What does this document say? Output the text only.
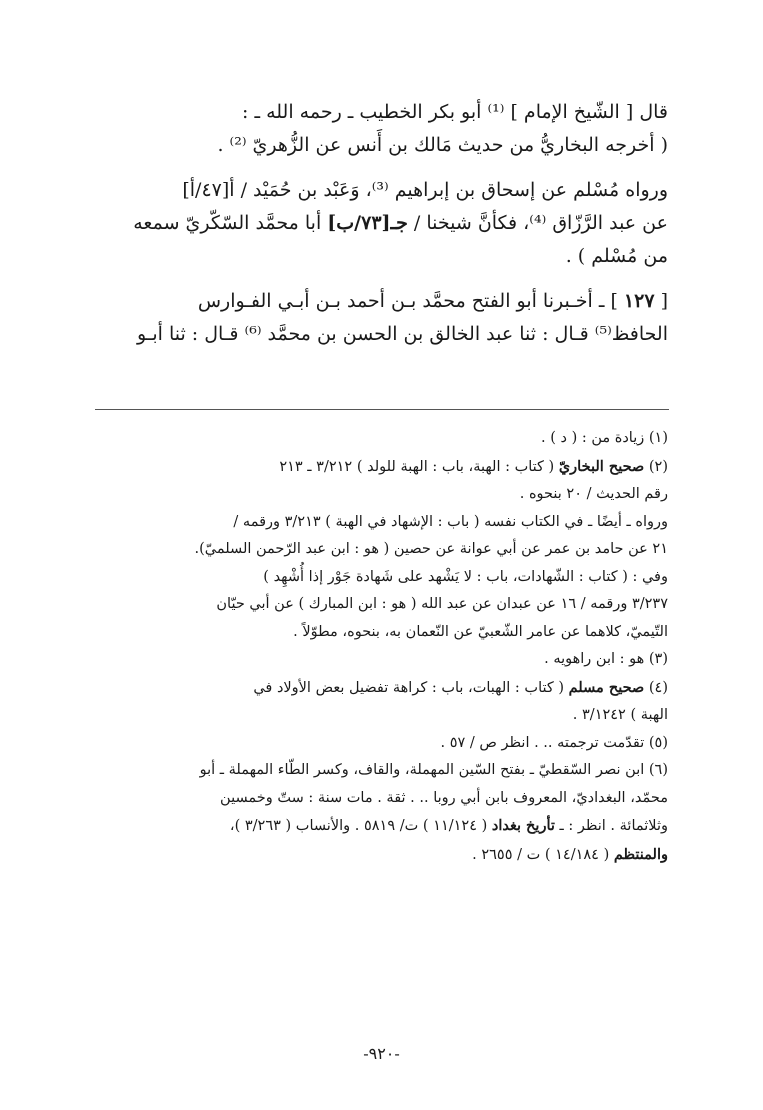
قال [ الشّيخ الإمام ] ⁽¹⁾ أبو بكر الخطيب ـ رحمه الله ـ :

( أخرجه البخاريُّ من حديث مَالك بن أَنس عن الزُّهريّ ⁽²⁾ .

ورواه مُسْلم عن إسحاق بن إبراهيم ⁽³⁾، وَعَبْد بن حُمَيْد / أ[٤٧/أ]

عن عبد الرَّزّاق ⁽⁴⁾، فكأنَّ شيخنا / جـ[٧٣/ب] أبا محمَّد السّكّريّ سمعه

من مُسْلم ) .

[ ١٢٧ ] ـ أخـبرنا أبو الفتح محمَّد بـن أحمد بـن أبـي الفـوارس

الحافظ⁽⁵⁾ قـال : ثنا عبد الخالق بن الحسن بن محمَّد ⁽⁶⁾ قـال : ثنا أبـو

(١) زيادة من : ( د ) .

(٢) صحيح البخاريّ ( كتاب : الهبة، باب : الهبة للولد ) ٣/٢١٢ ـ ٢١٣

رقم الحديث / ٢٠ بنحوه .

ورواه ـ أيضًا ـ في الكتاب نفسه ( باب : الإشهاد في الهبة ) ٣/٢١٣ ورقمه /

٢١ عن حامد بن عمر عن أبي عوانة عن حصين ( هو : ابن عبد الرّحمن السلميّ).

وفي : ( كتاب : الشّهادات، باب : لا يَشْهد على شَهادة جَوْر إذا أُشْهِد )

٣/٢٣٧ ورقمه / ١٦ عن عبدان عن عبد الله ( هو : ابن المبارك ) عن أبي حيّان

التّيميّ، كلاهما عن عامر الشّعبيّ عن النّعمان به، بنحوه، مطوّلاً .

(٣) هو : ابن راهويه .

(٤) صحيح مسلم ( كتاب : الهبات، باب : كراهة تفضيل بعض الأولاد في

الهبة ) ٣/١٢٤٢ .

(٥) تقدّمت ترجمته .. . انظر ص / ٥٧ .

(٦) ابن نصر السّقطيّ ـ بفتح السّين المهملة، والقاف، وكسر الطّاء المهملة ـ أبو

محمّد، البغداديّ، المعروف بابن أبي روبا .. . ثقة . مات سنة : ستّ وخمسين

وثلاثمائة . انظر : ـ تأريخ بغداد ( ١١/١٢٤ ) ت/ ٥٨١٩ . والأنساب ( ٣/٢٦٣ )،

والمنتظم ( ١٤/١٨٤ ) ت / ٢٦٥٥ .

-٩٢٠-
